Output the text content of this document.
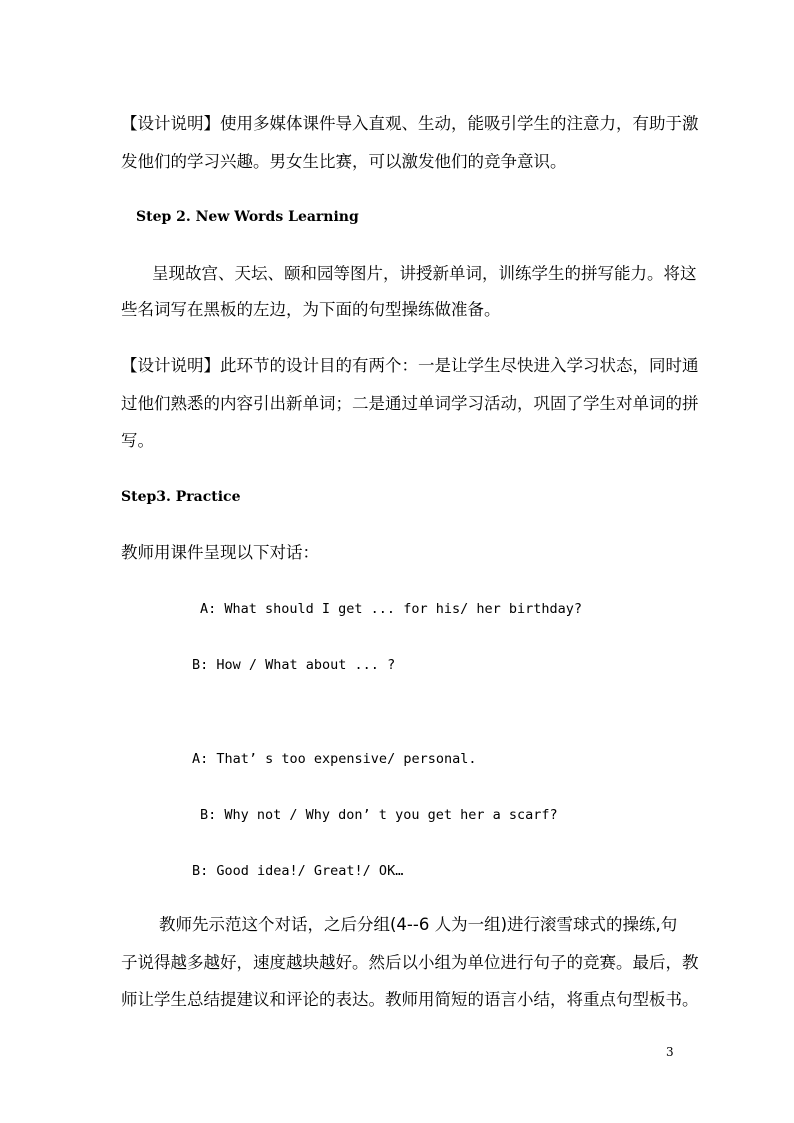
【设计说明】使用多媒体课件导入直观、生动，能吸引学生的注意力，有助于激
发他们的学习兴趣。男女生比赛，可以激发他们的竞争意识。
Step 2. New Words Learning
呈现故宫、天坛、颐和园等图片，讲授新单词，训练学生的拼写能力。将这
些名词写在黑板的左边，为下面的句型操练做准备。
【设计说明】此环节的设计目的有两个：一是让学生尽快进入学习状态，同时通
过他们熟悉的内容引出新单词；二是通过单词学习活动，巩固了学生对单词的拼
写。
Step3. Practice
教师用课件呈现以下对话：
A: What should I get ... for his/ her birthday?
B: How / What about ... ?
A: That’ s too expensive/ personal.
B: Why not / Why don’ t you get her a scarf?
B: Good idea!/ Great!/ OK…
教师先示范这个对话，之后分组(4--6 人为一组)进行滚雪球式的操练,句
子说得越多越好，速度越块越好。然后以小组为单位进行句子的竞赛。最后，教
师让学生总结提建议和评论的表达。教师用简短的语言小结，将重点句型板书。
3
